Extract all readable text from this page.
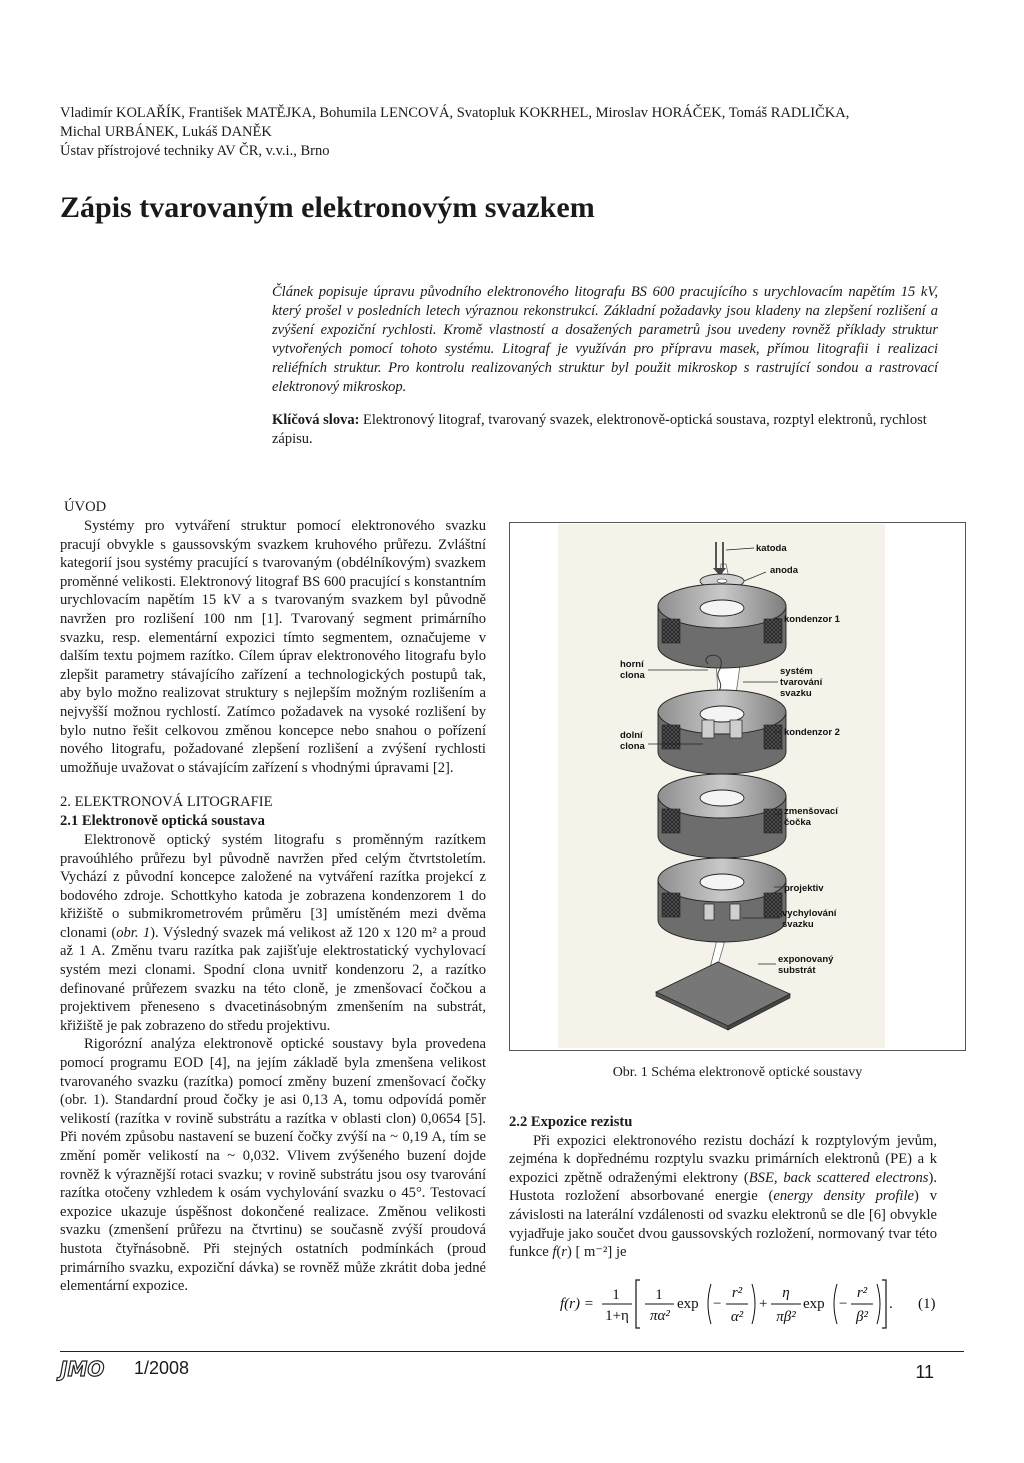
Vladimír KOLAŘÍK, František MATĚJKA, Bohumila LENCOVÁ, Svatopluk KOKRHEL, Miroslav HORÁČEK, Tomáš RADLIČKA,
Michal URBÁNEK, Lukáš DANĚK
Ústav přístrojové techniky AV ČR, v.v.i., Brno
Zápis tvarovaným elektronovým svazkem
Článek popisuje úpravu původního elektronového litografu BS 600 pracujícího s urychlovacím napětím 15 kV, který prošel v posledních letech výraznou rekonstrukcí. Základní požadavky jsou kladeny na zlepšení rozlišení a zvýšení expoziční rychlosti. Kromě vlastností a dosažených parametrů jsou uvedeny rovněž příklady struktur vytvořených pomocí tohoto systému. Litograf je využíván pro přípravu masek, přímou litografii i realizaci reliéfních struktur. Pro kontrolu realizovaných struktur byl použit mikroskop s rastrující sondou a rastrovací elektronový mikroskop.
Klíčová slova: Elektronový litograf, tvarovaný svazek, elektronově-optická soustava, rozptyl elektronů, rychlost zápisu.
ÚVOD

Systémy pro vytváření struktur pomocí elektronového svazku pracují obvykle s gaussovským svazkem kruhového průřezu. Zvláštní kategorií jsou systémy pracující s tvarovaným (obdélníkovým) svazkem proměnné velikosti. Elektronový litograf BS 600 pracující s konstantním urychlovacím napětím 15 kV a s tvarovaným svazkem byl původně navržen pro rozlišení 100 nm [1]. Tvarovaný segment primárního svazku, resp. elementární expozici tímto segmentem, označujeme v dalším textu pojmem razítko. Cílem úprav elektronového litografu bylo zlepšit parametry stávajícího zařízení a technologických postupů tak, aby bylo možno realizovat struktury s nejlepším možným rozlišením a nejvyšší možnou rychlostí. Zatímco požadavek na vysoké rozlišení by bylo nutno řešit celkovou změnou koncepce nebo snahou o pořízení nového litografu, požadované zlepšení rozlišení a zvýšení rychlosti umožňuje uvažovat o stávajícím zařízení s vhodnými úpravami [2].

2. ELEKTRONOVÁ LITOGRAFIE
2.1 Elektronově optická soustava

Elektronově optický systém litografu s proměnným razítkem pravoúhlého průřezu byl původně navržen před celým čtvrtstoletím. Vychází z původní koncepce založené na vytváření razítka projekcí z bodového zdroje. Schottkyho katoda je zobrazena kondenzorem 1 do křižiště o submikrometrovém průměru [3] umístěném mezi dvěma clonami (obr. 1). Výsledný svazek má velikost až 120 x 120 m² a proud až 1 A. Změnu tvaru razítka pak zajišťuje elektrostatický vychylovací systém mezi clonami. Spodní clona uvnitř kondenzoru 2, a razítko definované průřezem svazku na této cloně, je zmenšovací čočkou a projektivem přeneseno s dvacetinásobným zmenšením na substrát, křižiště je pak zobrazeno do středu projektivu.

Rigorózní analýza elektronově optické soustavy byla provedena pomocí programu EOD [4], na jejím základě byla zmenšena velikost tvarovaného svazku (razítka) pomocí změny buzení zmenšovací čočky (obr. 1). Standardní proud čočky je asi 0,13 A, tomu odpovídá poměr velikostí (razítka v rovině substrátu a razítka v oblasti clon) 0,0654 [5]. Při novém způsobu nastavení se buzení čočky zvýší na ~ 0,19 A, tím se změní poměr velikostí na ~ 0,032. Vlivem zvýšeného buzení dojde rovněž k výraznější rotaci svazku; v rovině substrátu jsou osy tvarování razítka otočeny vzhledem k osám vychylování svazku o 45°. Testovací expozice ukazuje úspěšnost dokončené realizace. Změnou velikosti svazku (zmenšení průřezu na čtvrtinu) se současně zvýší proudová hustota čtyřnásobně. Při stejných ostatních podmínkách (proud primárního svazku, expoziční dávka) se rovněž může zkrátit doba jedné elementární expozice.

katoda
anoda
kondenzor 1
horní
clona	systém
tvarování
svazku
dolní
clona
kondenzor 2
zmenšovací
čočka
projektiv
vychylování
svazku
exponovaný
substrát
Obr. 1 Schéma elektronově optické soustavy
2.2 Expozice rezistu

Při expozici elektronového rezistu dochází k rozptylovým jevům, zejména k dopřednému rozptylu svazku primárních elektronů (PE) a k expozici zpětně odraženými elektrony (BSE, back scattered electrons). Hustota rozložení absorbované energie (energy density profile) v závislosti na laterální vzdálenosti od svazku elektronů se dle [6] obvykle vyjadřuje jako součet dvou gaussovských rozložení, normovaný tvar této funkce f(r) [ m⁻²] je

f(r) =
1
1+η
1
πα²
exp −
r²
α²
+
η
πβ²
exp −
r²
β²
. (1)
JMO 1/2008	11
